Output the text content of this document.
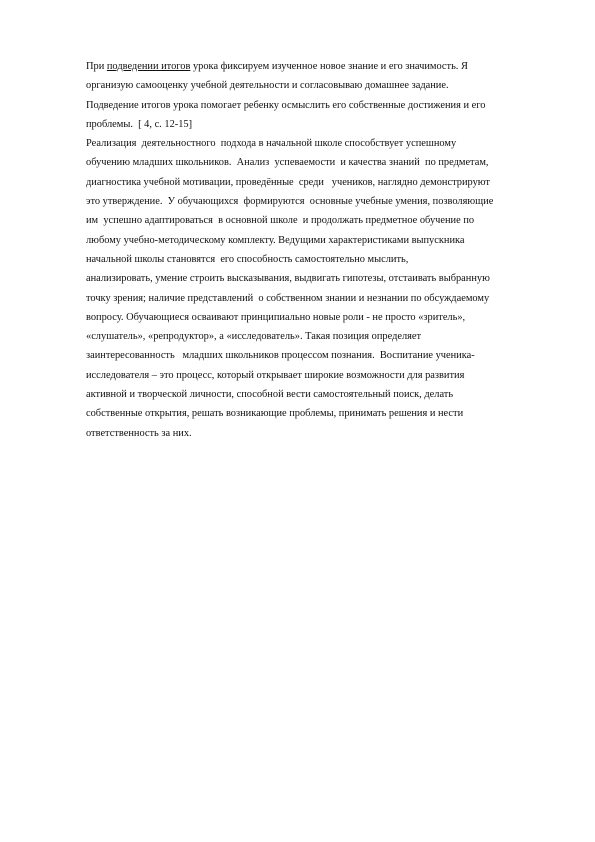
При подведении итогов урока фиксируем изученное новое знание и его значимость. Я
организую самооценку учебной деятельности и согласовываю домашнее задание.
Подведение итогов урока помогает ребенку осмыслить его собственные достижения и его
проблемы.  [ 4, с. 12-15]
Реализация  деятельностного  подхода в начальной школе способствует успешному
обучению младших школьников.  Анализ  успеваемости  и качества знаний  по предметам,
диагностика учебной мотивации, проведённые  среди   учеников, наглядно демонстрируют
это утверждение.  У обучающихся  формируются  основные учебные умения, позволяющие
им  успешно адаптироваться  в основной школе  и продолжать предметное обучение по
любому учебно-методическому комплекту. Ведущими характеристиками выпускника
начальной школы становятся  его способность самостоятельно мыслить,
анализировать, умение строить высказывания, выдвигать гипотезы, отстаивать выбранную
точку зрения; наличие представлений  о собственном знании и незнании по обсуждаемому
вопросу. Обучающиеся осваивают принципиально новые роли - не просто «зритель»,
«слушатель», «репродуктор», а «исследователь». Такая позиция определяет
заинтересованность   младших школьников процессом познания.  Воспитание ученика-
исследователя – это процесс, который открывает широкие возможности для развития
активной и творческой личности, способной вести самостоятельный поиск, делать
собственные открытия, решать возникающие проблемы, принимать решения и нести
ответственность за них.
